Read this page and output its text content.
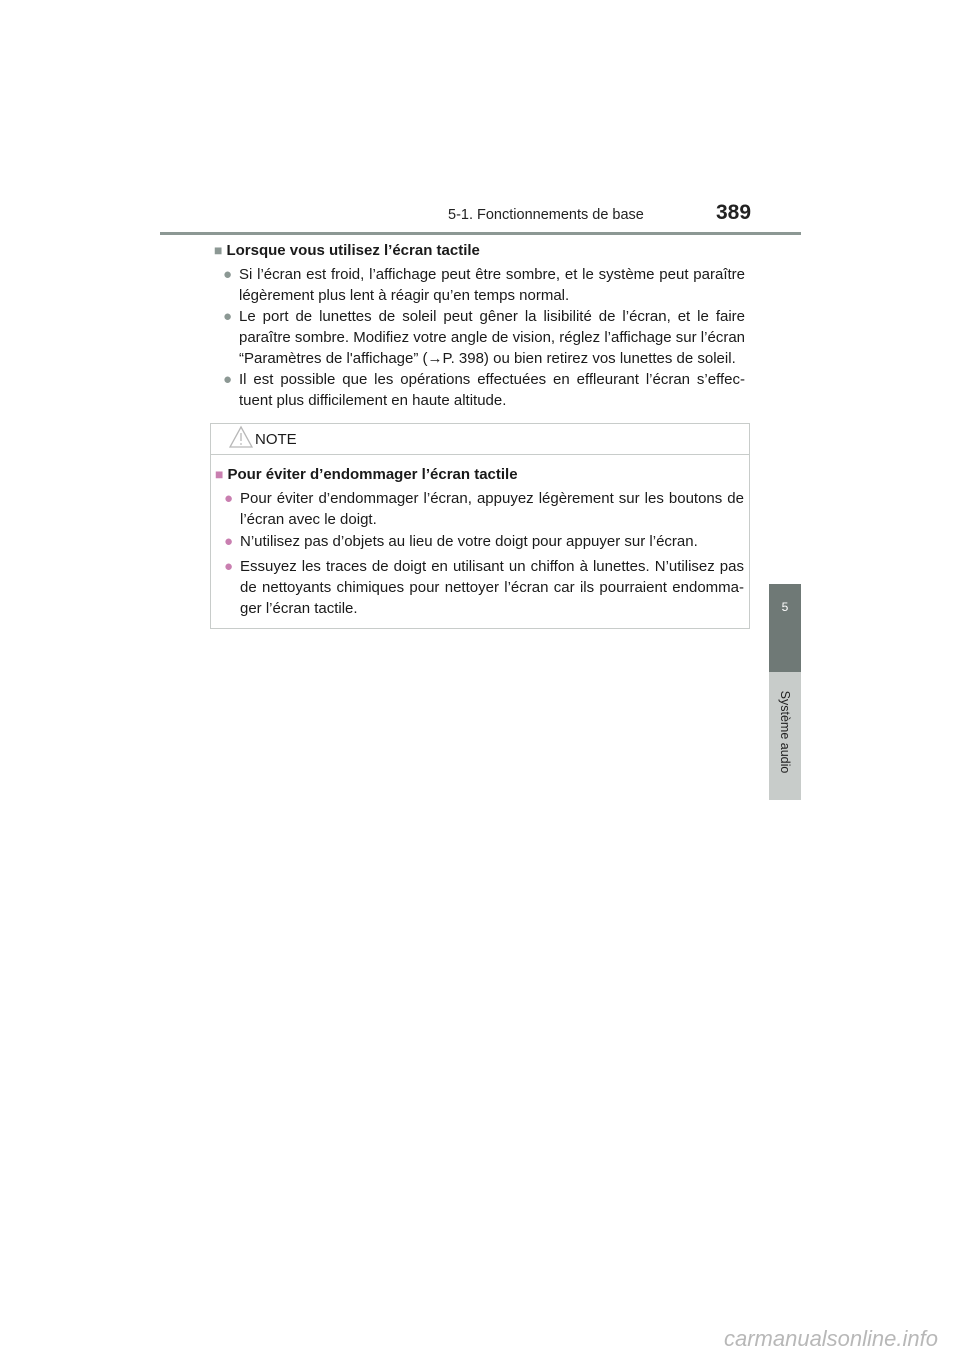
5-1. Fonctionnements de base	389
5
Système audio
■ Lorsque vous utilisez l’écran tactile
● Si l’écran est froid, l’affichage peut être sombre, et le système peut paraître légèrement plus lent à réagir qu’en temps normal.
● Le port de lunettes de soleil peut gêner la lisibilité de l’écran, et le faire paraître sombre. Modifiez votre angle de vision, réglez l’affichage sur l’écran “Paramètres de l'affichage” (→P. 398) ou bien retirez vos lunettes de soleil.
● Il est possible que les opérations effectuées en effleurant l’écran s’effectuent plus difficilement en haute altitude.
NOTE
■ Pour éviter d’endommager l’écran tactile
● Pour éviter d’endommager l’écran, appuyez légèrement sur les boutons de l’écran avec le doigt.
● N’utilisez pas d’objets au lieu de votre doigt pour appuyer sur l’écran.
● Essuyez les traces de doigt en utilisant un chiffon à lunettes. N’utilisez pas de nettoyants chimiques pour nettoyer l’écran car ils pourraient endommager l’écran tactile.
carmanualsonline.info
